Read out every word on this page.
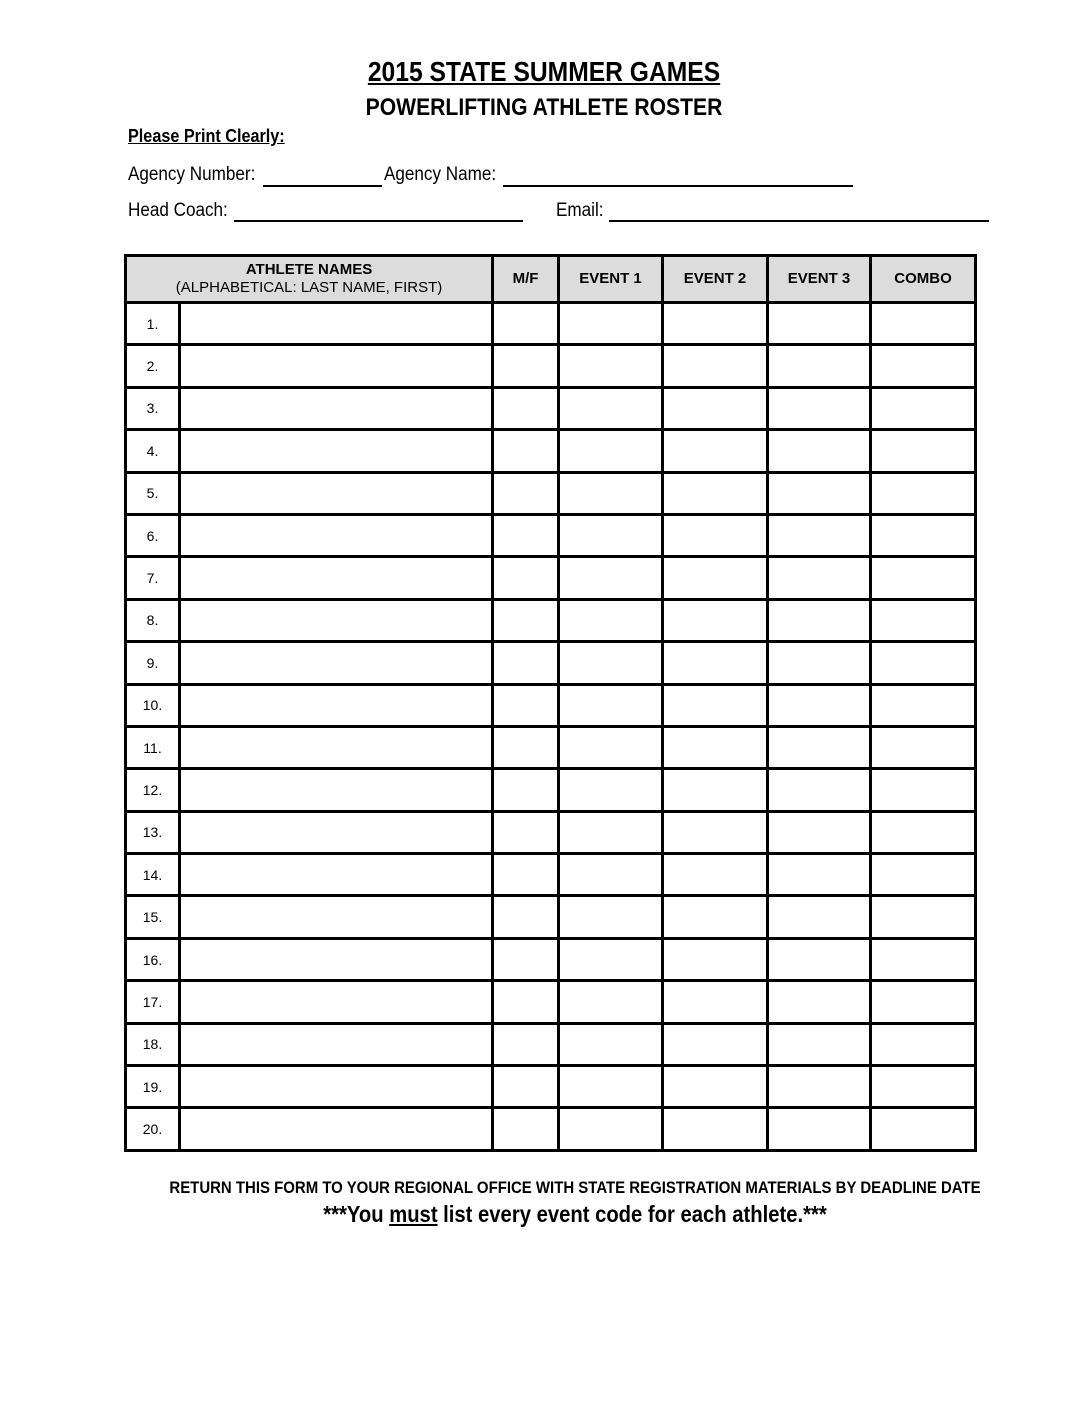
2015 STATE SUMMER GAMES
POWERLIFTING ATHLETE ROSTER
Please Print Clearly:
Agency Number:	Agency Name:
Head Coach:	Email:
ATHLETE NAMES
(ALPHABETICAL: LAST NAME, FIRST)		M/F	EVENT 1	EVENT 2	EVENT 3	COMBO
1.						
2.						
3.						
4.						
5.						
6.						
7.						
8.						
9.						
10.						
11.						
12.						
13.						
14.						
15.						
16.						
17.						
18.						
19.						
20.						
RETURN THIS FORM TO YOUR REGIONAL OFFICE WITH STATE REGISTRATION MATERIALS BY DEADLINE DATE
***You must list every event code for each athlete.***
